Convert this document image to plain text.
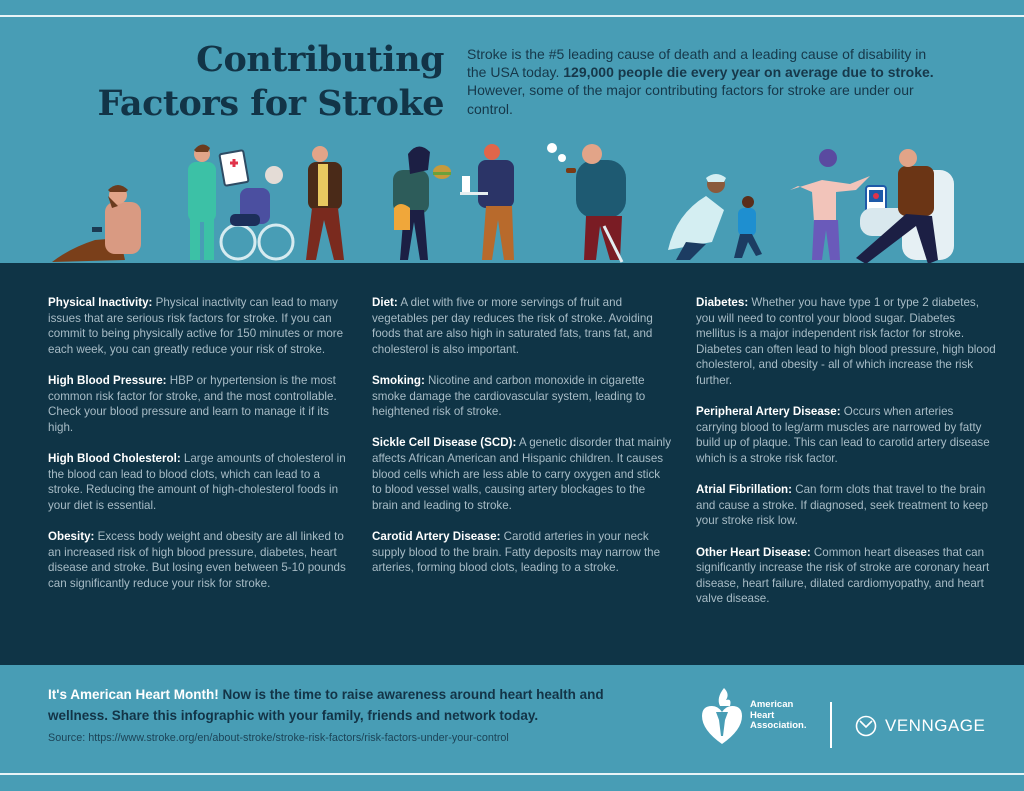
Contributing
Factors for Stroke

Stroke is the #5 leading cause of death and a leading cause of disability in the USA today. 129,000 people die every year on average due to stroke. However, some of the major contributing factors for stroke are under our control.

Physical Inactivity: Physical inactivity can lead to many issues that are serious risk factors for stroke. If you can commit to being physically active for 150 minutes or more each week, you can greatly reduce your risk of stroke.

High Blood Pressure: HBP or hypertension is the most common risk factor for stroke, and the most controllable. Check your blood pressure and learn to manage it if its high.

High Blood Cholesterol: Large amounts of cholesterol in the blood can lead to blood clots, which can lead to a stroke. Reducing the amount of high-cholesterol foods in your diet is essential.

Obesity: Excess body weight and obesity are all linked to an increased risk of high blood pressure, diabetes, heart disease and stroke. But losing even between 5-10 pounds can significantly reduce your risk for stroke.

Diet: A diet with five or more servings of fruit and vegetables per day reduces the risk of stroke. Avoiding foods that are also high in saturated fats, trans fat, and cholesterol is also important.

Smoking: Nicotine and carbon monoxide in cigarette smoke damage the cardiovascular system, leading to heightened risk of stroke.

Sickle Cell Disease (SCD): A genetic disorder that mainly affects African American and Hispanic children. It causes blood cells which are less able to carry oxygen and stick to blood vessel walls, causing artery blockages to the brain and leading to stroke.

Carotid Artery Disease: Carotid arteries in your neck supply blood to the brain. Fatty deposits may narrow the arteries, forming blood clots, leading to a stroke.

Diabetes: Whether you have type 1 or type 2 diabetes, you will need to control your blood sugar. Diabetes mellitus is a major independent risk factor for stroke. Diabetes can often lead to high blood pressure, high blood cholesterol, and obesity - all of which increase the risk further.

Peripheral Artery Disease: Occurs when arteries carrying blood to leg/arm muscles are narrowed by fatty build up of plaque. This can lead to carotid artery disease which is a stroke risk factor.

Atrial Fibrillation: Can form clots that travel to the brain and cause a stroke. If diagnosed, seek treatment to keep your stroke risk low.

Other Heart Disease: Common heart diseases that can significantly increase the risk of stroke are coronary heart disease, heart failure, dilated cardiomyopathy, and heart valve disease.

It's American Heart Month! Now is the time to raise awareness around heart health and wellness. Share this infographic with your family, friends and network today.

Source: https://www.stroke.org/en/about-stroke/stroke-risk-factors/risk-factors-under-your-control

American
Heart
Association.	VENNGAGE
